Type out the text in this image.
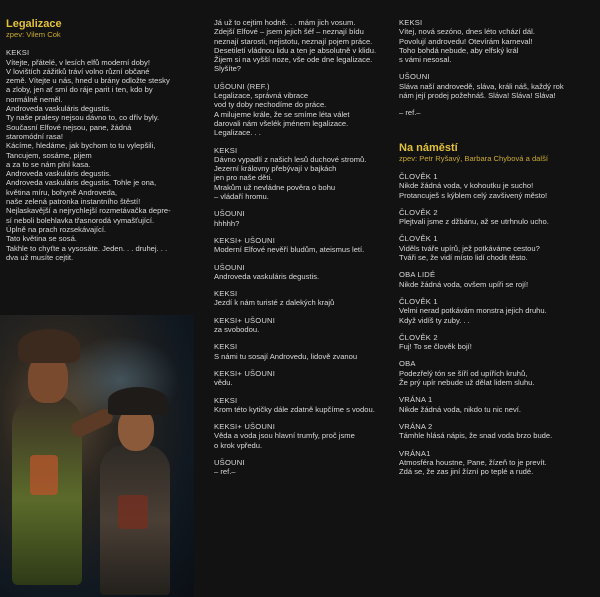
Legalizace
zpev: Vilem Cok
KEKSI
Vítejte, přátelé, v lesích elfů moderní doby!
V lovištích zážitků tráví volno různí občané
země. Vítejte u nás, hned u brány odložte stesky
a zloby, jen ať smí do ráje parit i ten, kdo by
normálně neměl.
Androveda vaskuláris degustis.
Ty naše pralesy nejsou dávno to, co dřív byly.
Současní Elfové nejsou, pane, žádná
staromódní rasa!
Kácíme, hledáme, jak bychom to tu vylepšili,
Tancujem, sosáme, pijem
a za to se nám plní kasa.
Androveda vaskuláris degustis.
Androveda vaskuláris degustis. Tohle je ona,
květina míru, bohyně Androveda,
naše zelená patronka instantního štěstí!
Nejlaskavější a nejrychlejší rozmetávačka depre-
sí neboli bolehlavka třasnorodá vymašťující.
Úplně na prach rozsekávající.
Tato květina se sosá.
Takhle to chyťte a vysosáte. Jeden. . . druhej. . .
dva už musíte cejtit.
Já už to cejtim hodně. . . mám jich vosum.
Zdejší Elfové – jsem jejich šéf – neznají bídu
neznají starosti, nejistotu, neznají pojem práce.
Desetiletí vládnou lidu a ten je absolutně v klidu.
Žijem si na vyšší noze, vše ode dne legalizace.
Slyšíte?
UŠOUNI (REF.)
Legalizace, správná vibrace
vod ty doby nechodíme do práce.
A milujeme krále, že se smíme léta válet
darovali nám všelék jménem legalizace.
Legalizace. . .
KEKSI
Dávno vypadlí z našich lesů duchové stromů.
Jezerní královny přebývají v bajkách
jen pro naše děti.
Mrakům už nevládne pověra o bohu
– vládaří hromu.
UŠOUNI
hhhhh?
KEKSI+ UŠOUNI
Moderní Elfové nevěří bludům, ateismus letí.
UŠOUNI
Androveda vaskuláris degustis.
KEKSI
Jezdí k nám turisté z dalekých krajů
KEKSI+ UŠOUNI
za svobodou.
KEKSI
S námi tu sosají Androvedu, lidově zvanou
KEKSI+ UŠOUNI
vědu.
KEKSI
Krom této kytičky dále zdatně kupčíme s vodou.
KEKSI+ UŠOUNI
Věda a voda jsou hlavní trumfy, proč jsme
o krok vpředu.
UŠOUNI
– ref.–
KEKSI
Vítej, nová sezóno, dnes léto vchází dál.
Povolují androvedu! Otevírám karneval!
Toho bohdá nebude, aby elfský král
s vámi nesosal.
UŠOUNI
Sláva naší androvedě, sláva, králi náš, každý rok
nám její prodej požehnáš. Sláva! Sláva! Sláva!
– ref.–
Na náměstí
zpev: Petr Ryšavý, Barbara Chybová a další
ČLOVĚK 1
Nikde žádná voda, v kohoutku je sucho!
Protancuješ s kýblem celý zavšivený město!
ČLOVĚK 2
Plejtvali jsme z džbánu, až se utrhnulo ucho.
ČLOVĚK 1
Viděls tváře upírů, jež potkáváme cestou?
Tváři se, že vidí místo lidí chodit těsto.
OBA LIDÉ
Nikde žádná voda, ovšem upíři se rojí!
ČLOVĚK 1
Velmi nerad potkávám monstra jejich druhu.
Když vidíš ty zuby. . .
ČLOVĚK 2
Fuj! To se člověk bojí!
OBA
Podezřelý tón se šíří od upířích kruhů,
Že prý upír nebude už dělat lidem sluhu.
VRÁNA 1
Nikde žádná voda, nikdo tu nic neví.
VRÁNA 2
Támhle hlásá nápis, že snad voda brzo bude.
VRÁNA1
Atmosféra houstne, Pane, žízeň to je prevít.
Zdá se, že zas jiní žízní po teplé a rudé.
